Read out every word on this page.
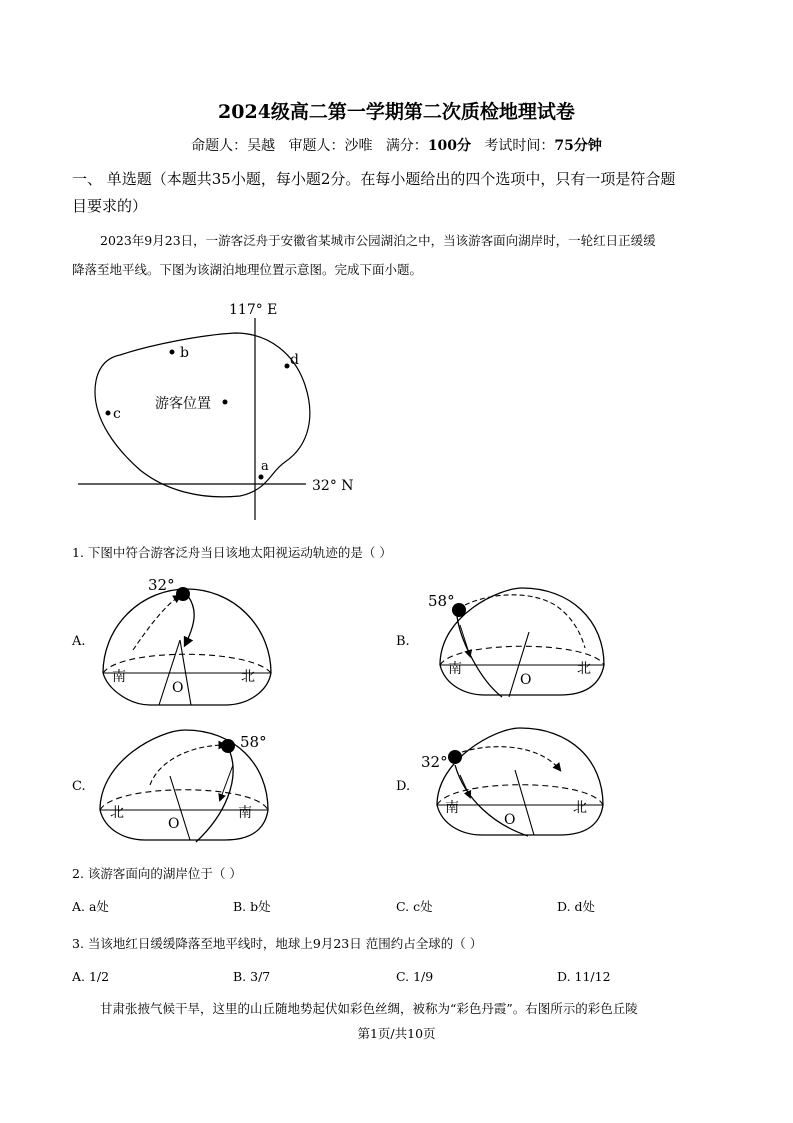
2024级高二第一学期第二次质检地理试卷
命题人：吴越 审题人：沙唯 满分：100分 考试时间：75分钟
一、 单选题（本题共35小题，每小题2分。在每小题给出的四个选项中，只有一项是符合题
目要求的）
2023年9月23日，一游客泛舟于安徽省某城市公园湖泊之中，当该游客面向湖岸时，一轮红日正缓缓
降落至地平线。下图为该湖泊地理位置示意图。完成下面小题。
a
b
c
d
游客位置
117° E
32° N
1. 下图中符合游客泛舟当日该地太阳视运动轨迹的是（ ）
A.
32°
南	北
O
B.
58°
南	北
O
C.
58°
北	南
O
D.
32°
南	北
O
2. 该游客面向的湖岸位于（ ）
A. a处	B. b处	C. c处	D. d处
3. 当该地红日缓缓降落至地平线时，地球上9月23日 范围约占全球的（ ）
A. 1/2	B. 3/7	C. 1/9	D. 11/12
甘肃张掖气候干旱，这里的山丘随地势起伏如彩色丝绸，被称为“彩色丹霞”。右图所示的彩色丘陵
第1页/共10页
